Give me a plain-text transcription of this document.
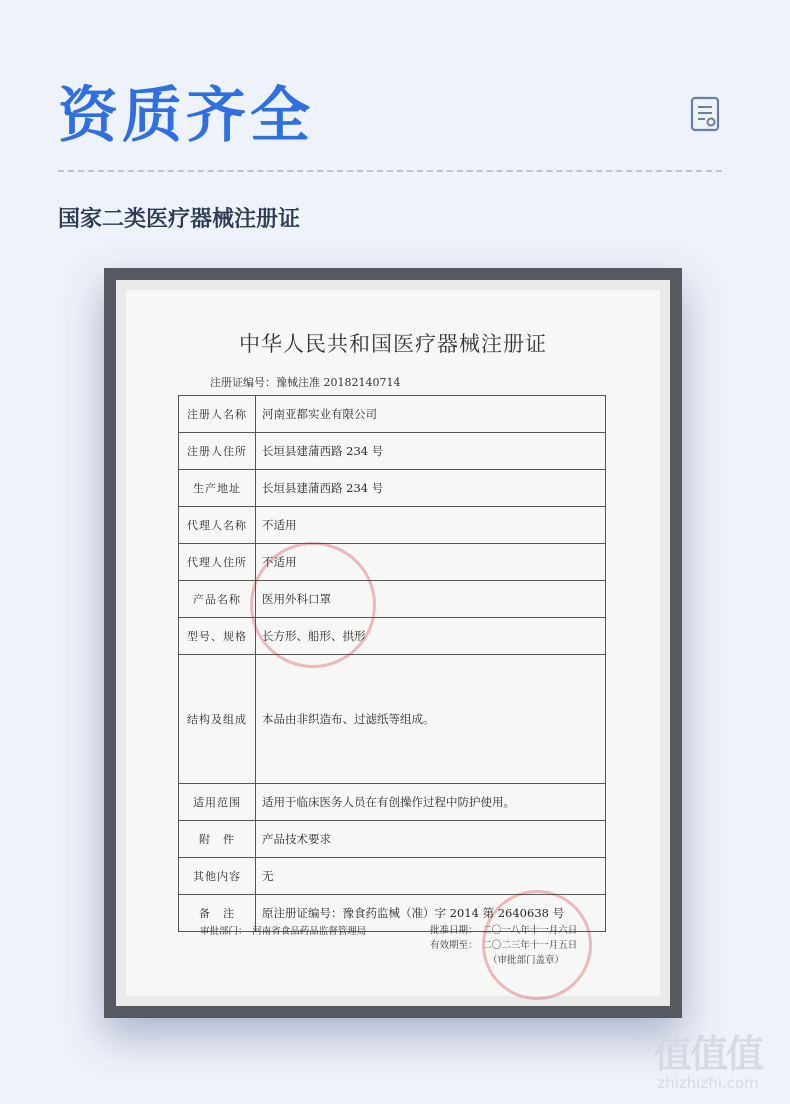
资质齐全
国家二类医疗器械注册证
中华人民共和国医疗器械注册证
注册证编号：豫械注准 20182140714
注册人名称	河南亚都实业有限公司
注册人住所	长垣县建蒲西路 234 号
生产地址	长垣县建蒲西路 234 号
代理人名称	不适用
代理人住所	不适用
产品名称	医用外科口罩
型号、规格	长方形、船形、拱形
结构及组成	本品由非织造布、过滤纸等组成。
适用范围	适用于临床医务人员在有创操作过程中防护使用。
附　件	产品技术要求
其他内容	无
备　注	原注册证编号：豫食药监械（准）字 2014 第 2640638 号
审批部门：　河南省食品药品监督管理局	批准日期：　二〇一八年十一月六日
有效期至：　二〇二三年十一月五日
（审批部门盖章）
值值值
zhizhizhi.com
